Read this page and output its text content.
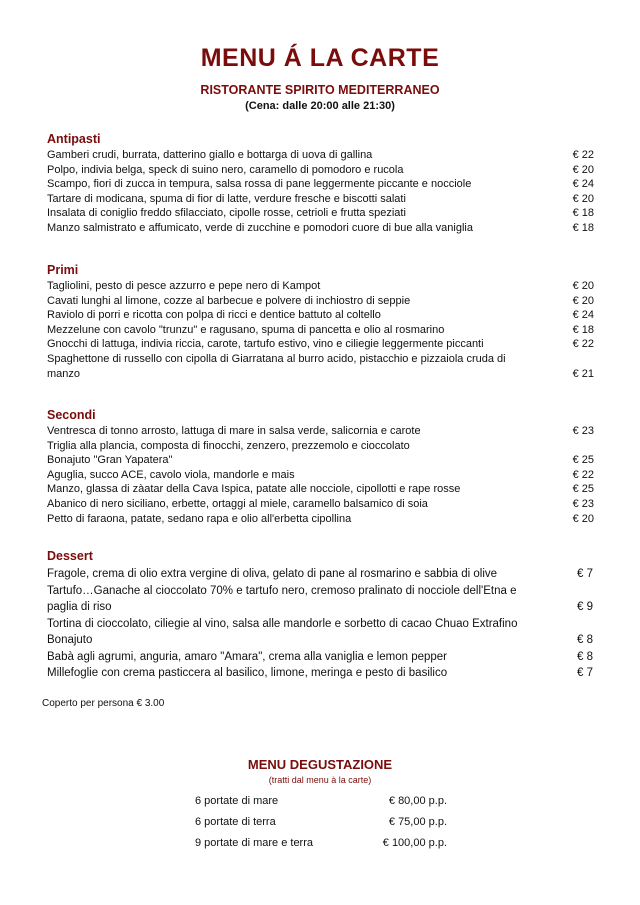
MENU Á LA CARTE
RISTORANTE SPIRITO MEDITERRANEO
(Cena: dalle 20:00 alle 21:30)
Antipasti
Gamberi crudi, burrata, datterino giallo e bottarga di uova di gallina	€ 22
Polpo, indivia belga, speck di suino nero, caramello di pomodoro e rucola	€ 20
Scampo, fiori di zucca in tempura, salsa rossa di pane leggermente piccante e nocciole	€ 24
Tartare di modicana, spuma di fior di latte, verdure fresche e biscotti salati	€ 20
Insalata di coniglio freddo sfilacciato, cipolle rosse, cetrioli e frutta speziati	€ 18
Manzo salmistrato e affumicato, verde di zucchine e pomodori cuore di bue alla vaniglia	€ 18
Primi
Tagliolini, pesto di pesce azzurro e pepe nero di Kampot	€ 20
Cavati lunghi al limone, cozze al barbecue e polvere di inchiostro di seppie	€ 20
Raviolo di porri e ricotta con polpa di ricci e dentice battuto al coltello	€ 24
Mezzelune con cavolo "trunzu" e ragusano, spuma di pancetta e olio al rosmarino	€ 18
Gnocchi di lattuga, indivia riccia, carote, tartufo estivo, vino e ciliegie leggermente piccanti	€ 22
Spaghettone di russello con cipolla di Giarratana al burro acido, pistacchio e pizzaiola cruda di manzo	€ 21
Secondi
Ventresca di tonno arrosto, lattuga di mare in salsa verde, salicornia e carote	€ 23
Triglia alla plancia, composta di finocchi, zenzero, prezzemolo e cioccolato Bonajuto "Gran Yapatera"	€ 25
Aguglia, succo ACE, cavolo viola, mandorle e mais	€ 22
Manzo, glassa di zàatar della Cava Ispica, patate alle nocciole, cipollotti e rape rosse	€ 25
Abanico di nero siciliano, erbette, ortaggi al miele, caramello balsamico di soia	€ 23
Petto di faraona, patate, sedano rapa e olio all'erbetta cipollina	€ 20
Dessert
Fragole, crema di olio extra vergine di oliva, gelato di pane al rosmarino e sabbia di olive	€ 7
Tartufo…Ganache al cioccolato 70% e tartufo nero, cremoso pralinato di nocciole dell'Etna e paglia di riso	€ 9
Tortina di cioccolato, ciliegie al vino, salsa alle mandorle e sorbetto di cacao Chuao Extrafino Bonajuto	€ 8
Babà agli agrumi, anguria, amaro "Amara", crema alla vaniglia e lemon pepper	€ 8
Millefoglie con crema pasticcera al basilico, limone, meringa e pesto di basilico	€ 7
Coperto per persona € 3.00
MENU DEGUSTAZIONE
(tratti dal menu à la carte)
6 portate di mare	€ 80,00 p.p.
6 portate di terra	€ 75,00 p.p.
9 portate di mare e terra	€ 100,00 p.p.
